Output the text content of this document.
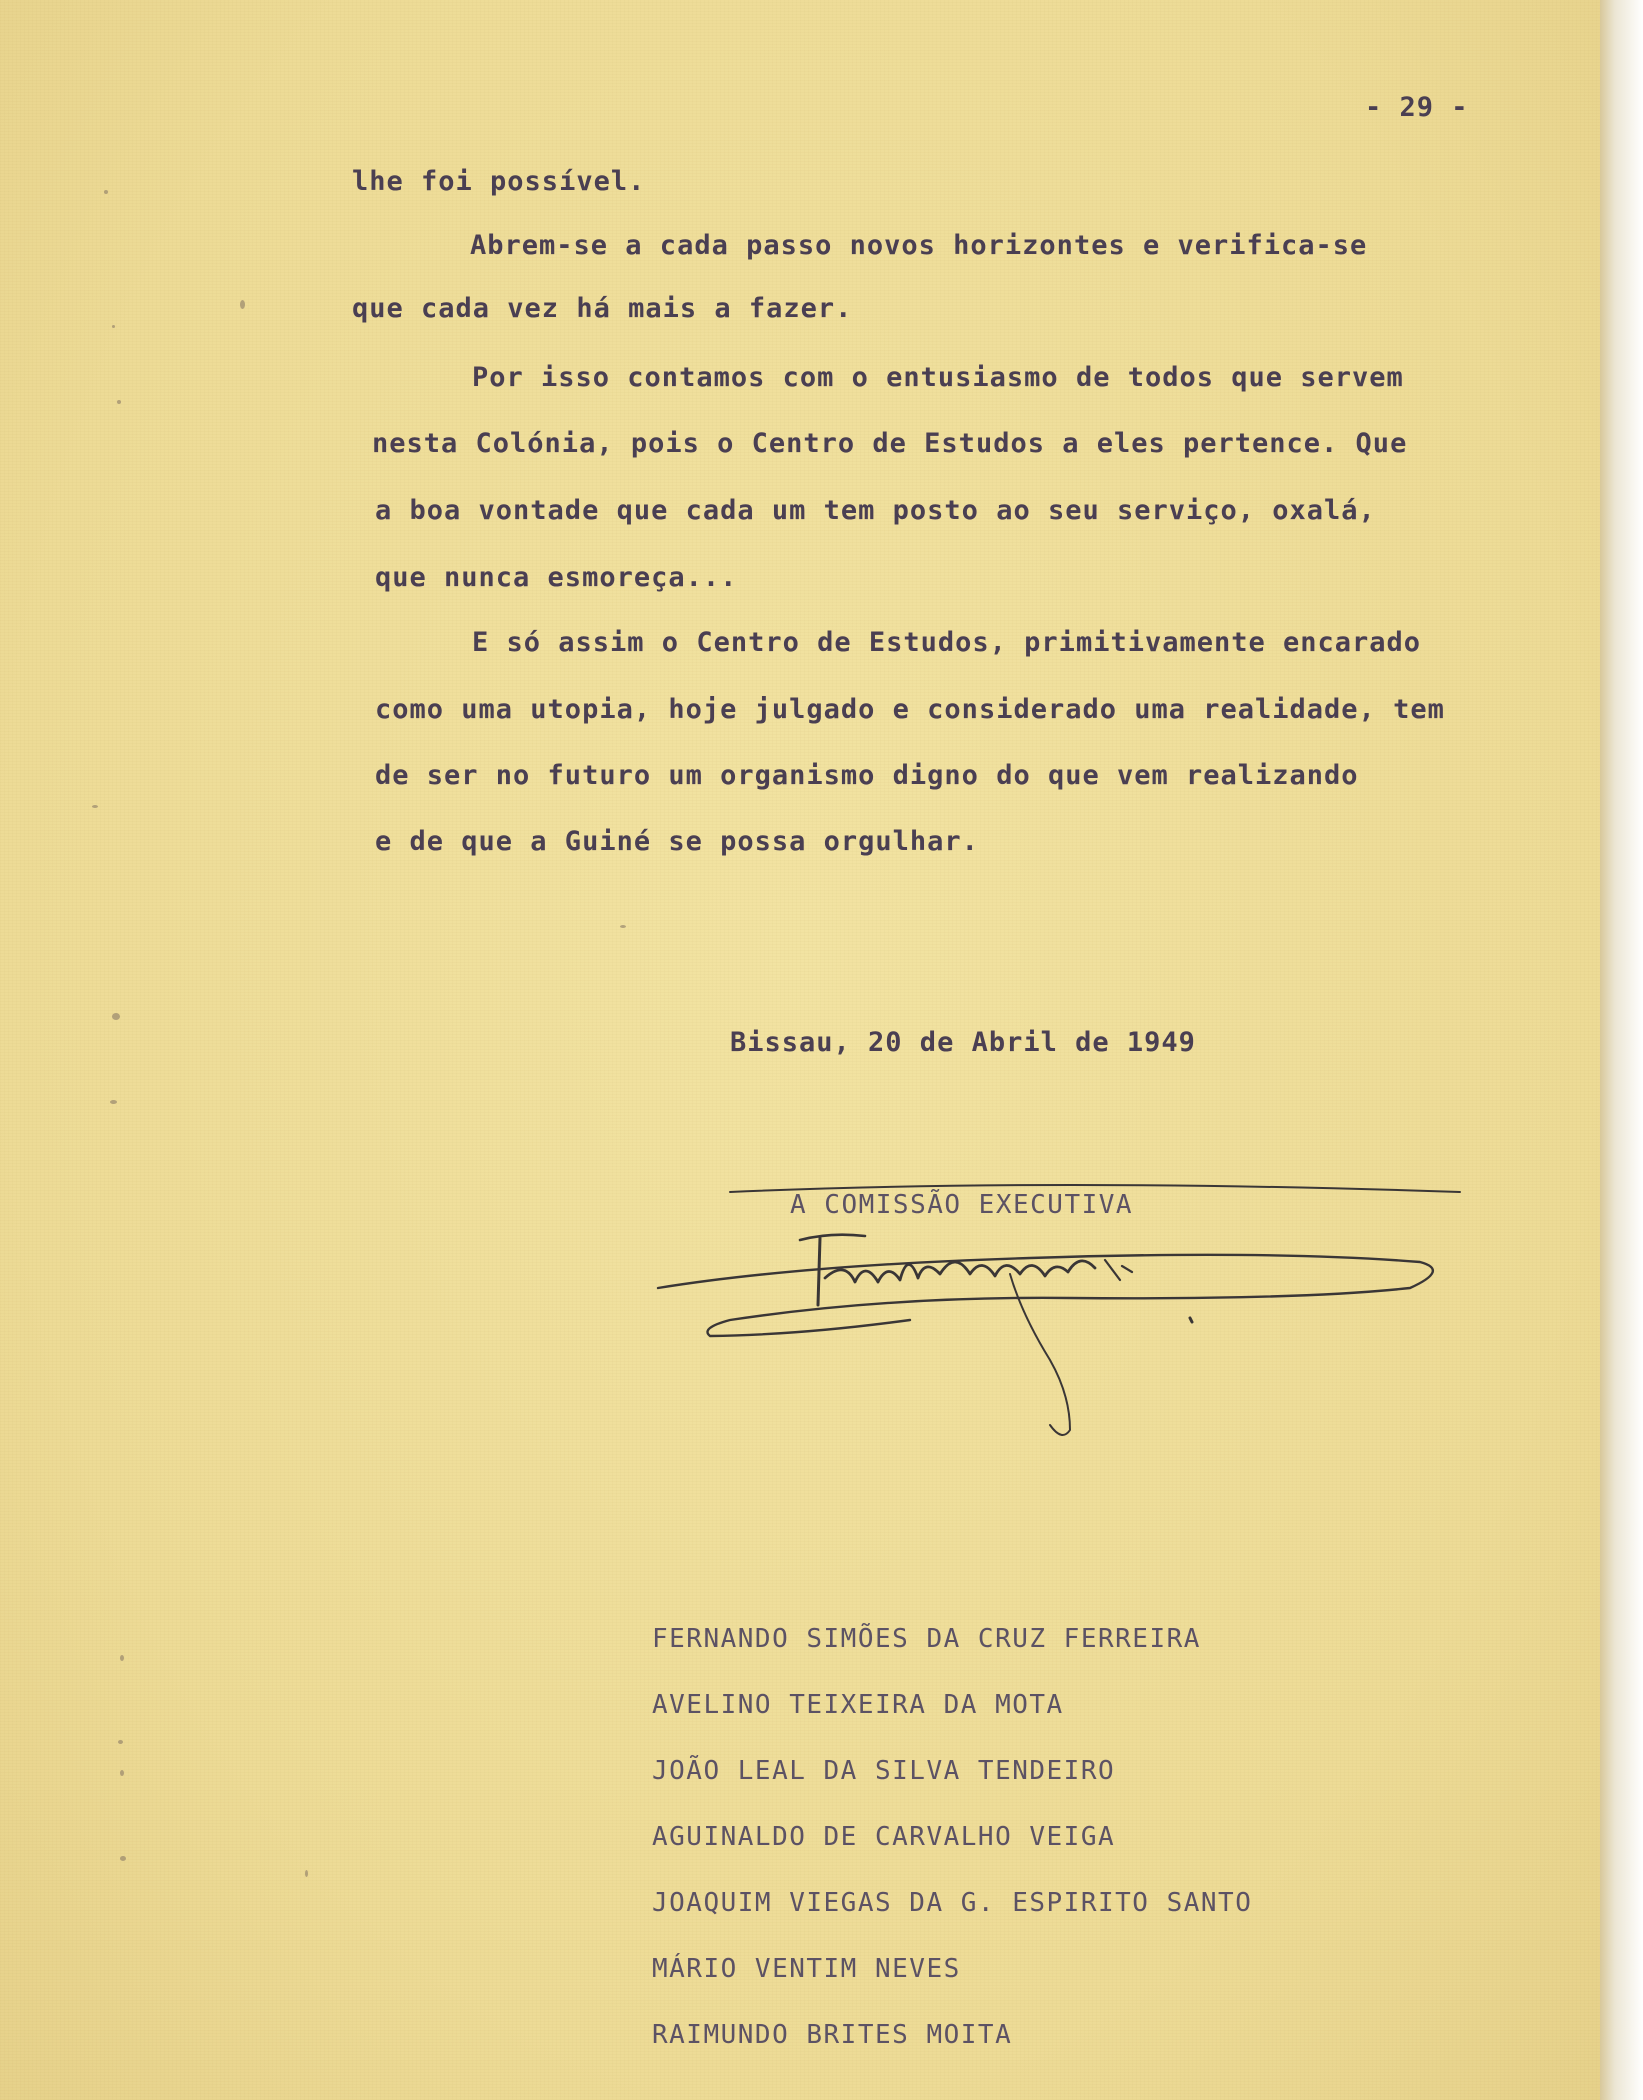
- 29 -
lhe foi possível.
Abrem-se a cada passo novos horizontes e verifica-se
que cada vez há mais a fazer.
Por isso contamos com o entusiasmo de todos que servem
nesta Colónia, pois o Centro de Estudos a eles pertence. Que
a boa vontade que cada um tem posto ao seu serviço, oxalá,
que nunca esmoreça...
E só assim o Centro de Estudos, primitivamente encarado
como uma utopia, hoje julgado e considerado uma realidade, tem
de ser no futuro um organismo digno do que vem realizando
e de que a Guiné se possa orgulhar.
Bissau, 20 de Abril de 1949
A COMISSÃO EXECUTIVA
FERNANDO SIMÕES DA CRUZ FERREIRA
AVELINO TEIXEIRA DA MOTA
JOÃO LEAL DA SILVA TENDEIRO
AGUINALDO DE CARVALHO VEIGA
JOAQUIM VIEGAS DA G. ESPIRITO SANTO
MÁRIO VENTIM NEVES
RAIMUNDO BRITES MOITA
